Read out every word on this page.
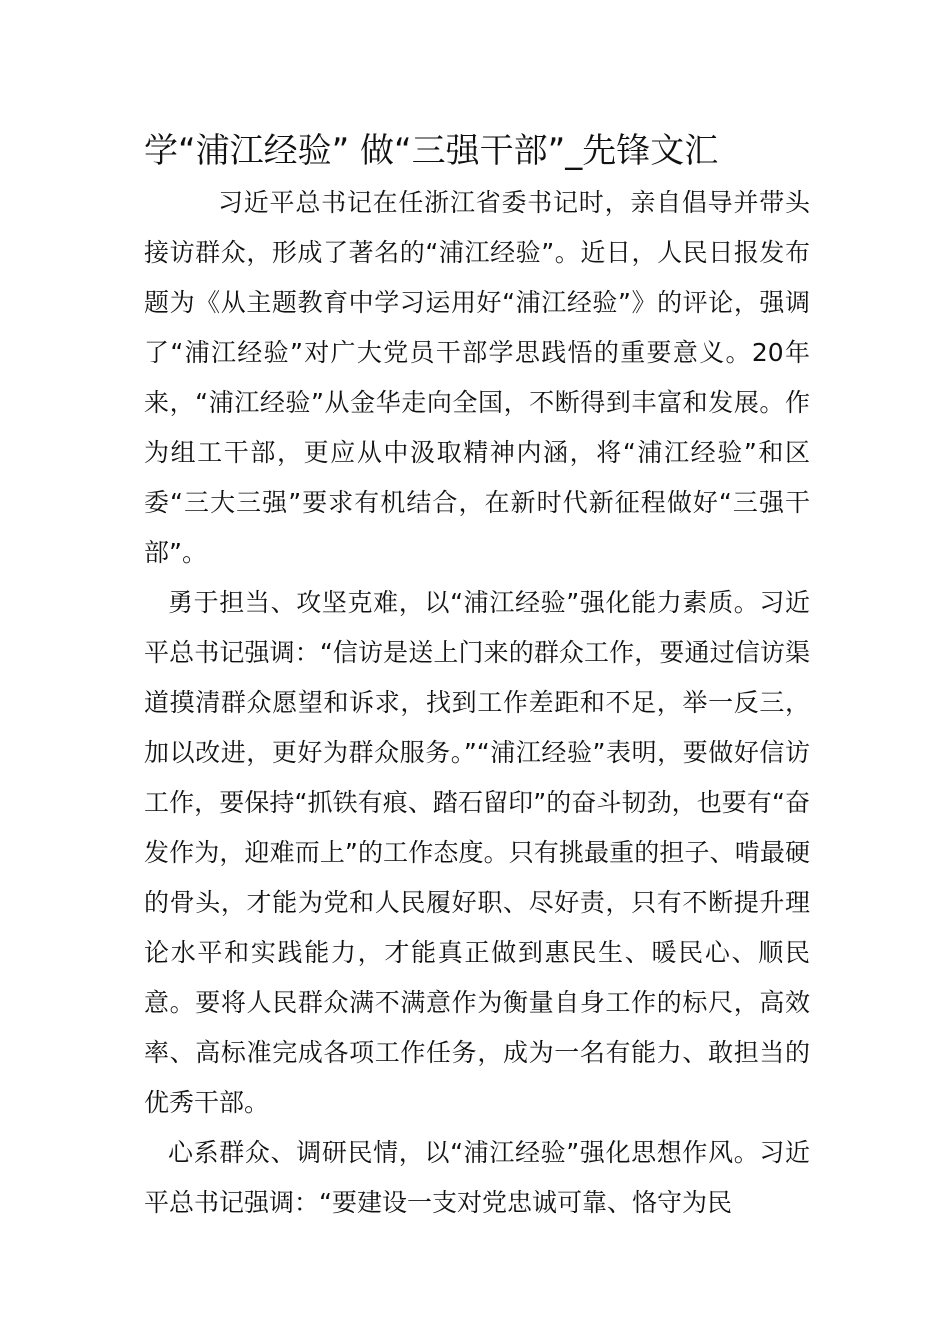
学“浦江经验” 做“三强干部”_先锋文汇

习近平总书记在任浙江省委书记时，亲自倡导并带头接访群众，形成了著名的“浦江经验”。近日，人民日报发布题为《从主题教育中学习运用好“浦江经验”》的评论，强调了“浦江经验”对广大党员干部学思践悟的重要意义。20年来，“浦江经验”从金华走向全国，不断得到丰富和发展。作为组工干部，更应从中汲取精神内涵，将“浦江经验”和区委“三大三强”要求有机结合，在新时代新征程做好“三强干部”。

勇于担当、攻坚克难，以“浦江经验”强化能力素质。习近平总书记强调：“信访是送上门来的群众工作，要通过信访渠道摸清群众愿望和诉求，找到工作差距和不足，举一反三，加以改进，更好为群众服务。”“浦江经验”表明，要做好信访工作，要保持“抓铁有痕、踏石留印”的奋斗韧劲，也要有“奋发作为，迎难而上”的工作态度。只有挑最重的担子、啃最硬的骨头，才能为党和人民履好职、尽好责，只有不断提升理论水平和实践能力，才能真正做到惠民生、暖民心、顺民意。要将人民群众满不满意作为衡量自身工作的标尺，高效率、高标准完成各项工作任务，成为一名有能力、敢担当的优秀干部。

心系群众、调研民情，以“浦江经验”强化思想作风。习近平总书记强调：“要建设一支对党忠诚可靠、恪守为民
